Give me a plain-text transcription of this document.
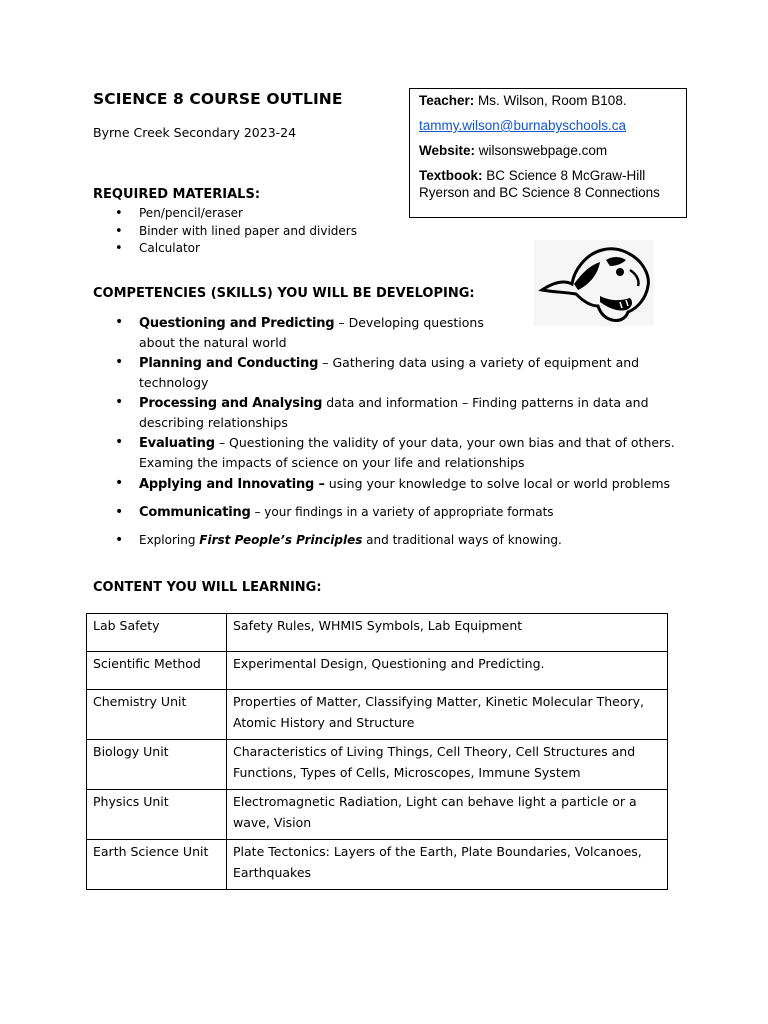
SCIENCE 8 COURSE OUTLINE
Byrne Creek Secondary 2023-24
Teacher: Ms. Wilson, Room B108.
tammy.wilson@burnabyschools.ca
Website: wilsonswebpage.com
Textbook: BC Science 8 McGraw-Hill Ryerson and BC Science 8 Connections
REQUIRED MATERIALS:
• Pen/pencil/eraser
• Binder with lined paper and dividers
• Calculator
COMPETENCIES (SKILLS) YOU WILL BE DEVELOPING:
• Questioning and Predicting – Developing questions about the natural world
• Planning and Conducting – Gathering data using a variety of equipment and technology
• Processing and Analysing data and information – Finding patterns in data and describing relationships
• Evaluating – Questioning the validity of your data, your own bias and that of others. Examing the impacts of science on your life and relationships
• Applying and Innovating – using your knowledge to solve local or world problems
• Communicating – your findings in a variety of appropriate formats
• Exploring First People’s Principles and traditional ways of knowing.
CONTENT YOU WILL LEARNING:
Lab Safety	Safety Rules, WHMIS Symbols, Lab Equipment
Scientific Method	Experimental Design, Questioning and Predicting.
Chemistry Unit	Properties of Matter, Classifying Matter, Kinetic Molecular Theory, Atomic History and Structure
Biology Unit	Characteristics of Living Things, Cell Theory, Cell Structures and Functions, Types of Cells, Microscopes, Immune System
Physics Unit	Electromagnetic Radiation, Light can behave light a particle or a wave, Vision
Earth Science Unit	Plate Tectonics: Layers of the Earth, Plate Boundaries, Volcanoes, Earthquakes
